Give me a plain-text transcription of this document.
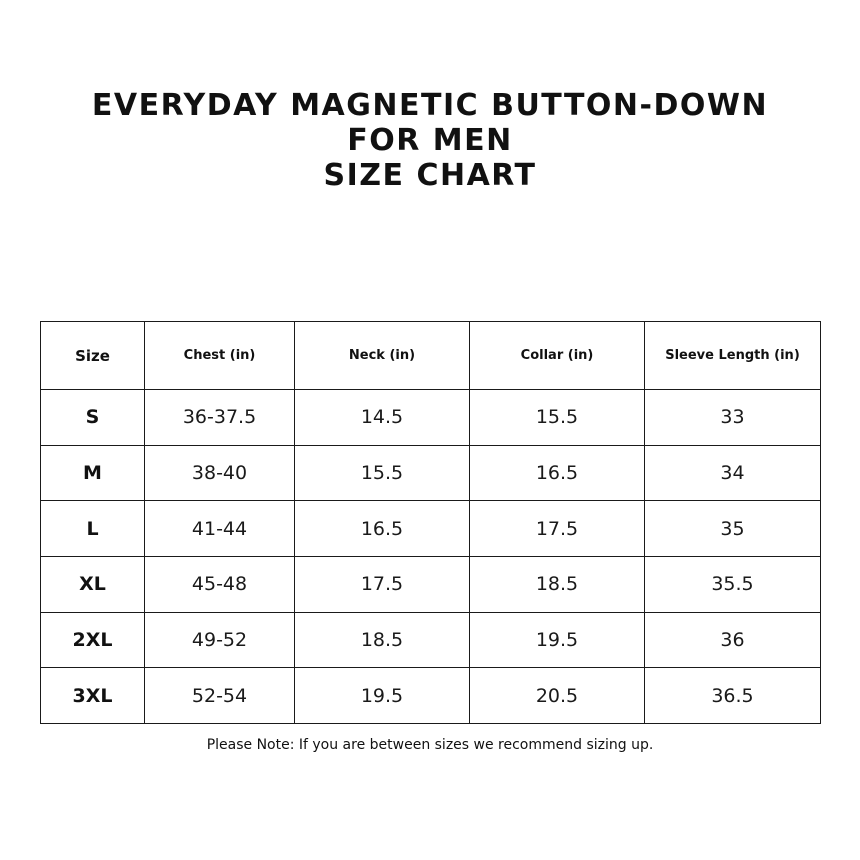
EVERYDAY MAGNETIC BUTTON-DOWN
FOR MEN
SIZE CHART
Size	Chest (in)	Neck (in)	Collar (in)	Sleeve Length (in)
S	36-37.5	14.5	15.5	33
M	38-40	15.5	16.5	34
L	41-44	16.5	17.5	35
XL	45-48	17.5	18.5	35.5
2XL	49-52	18.5	19.5	36
3XL	52-54	19.5	20.5	36.5

Please Note: If you are between sizes we recommend sizing up.
